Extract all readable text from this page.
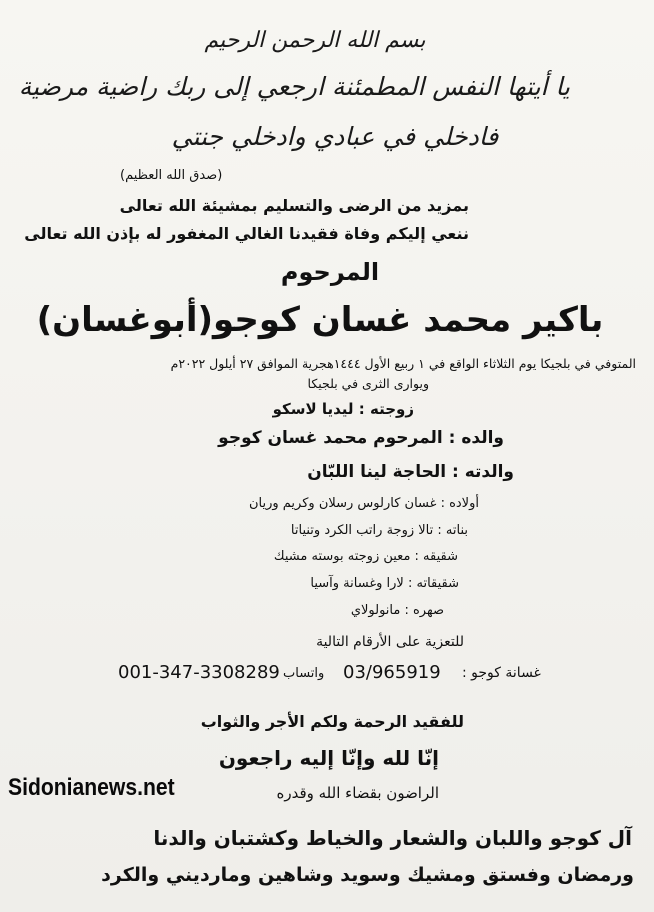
بسم الله الرحمن الرحيم
يا أيتها النفس المطمئنة ارجعي إلى ربك راضية مرضية
فادخلي في عبادي وادخلي جنتي
(صدق الله العظيم)
بمزيد من الرضى والتسليم بمشيئة الله تعالى
ننعي إليكم وفاة فقيدنا الغالي المغفور له بإذن الله تعالى
المرحوم
باكير محمد غسان كوجو(أبوغسان)
المتوفي في بلجيكا يوم الثلاثاء الواقع في ١ ربيع الأول ١٤٤٤هجرية الموافق ٢٧ أيلول ٢٠٢٢م
ويوارى الثرى في بلجيكا
زوجته : ليديا لاسكو
والده : المرحوم محمد غسان كوجو
والدته : الحاجة لينا اللبّان
أولاده : غسان كارلوس رسلان وكريم وريان
بناته : تالا زوجة راتب الكرد وتنياتا
شقيقه : معين زوجته بوسته مشيك
شقيقاته : لارا وغسانة وآسيا
صهره : مانولولاي
للتعزية على الأرقام التالية
غسانة كوجو :
03/965919
واتساب
001-347-3308289
للفقيد الرحمة ولكم الأجر والثواب
إنّا لله وإنّا إليه راجعون
الراضون بقضاء الله وقدره
Sidonianews.net
آل كوجو واللبان والشعار والخياط وكشتبان والدنا
ورمضان وفستق ومشيك وسويد وشاهين ومارديني والكرد
